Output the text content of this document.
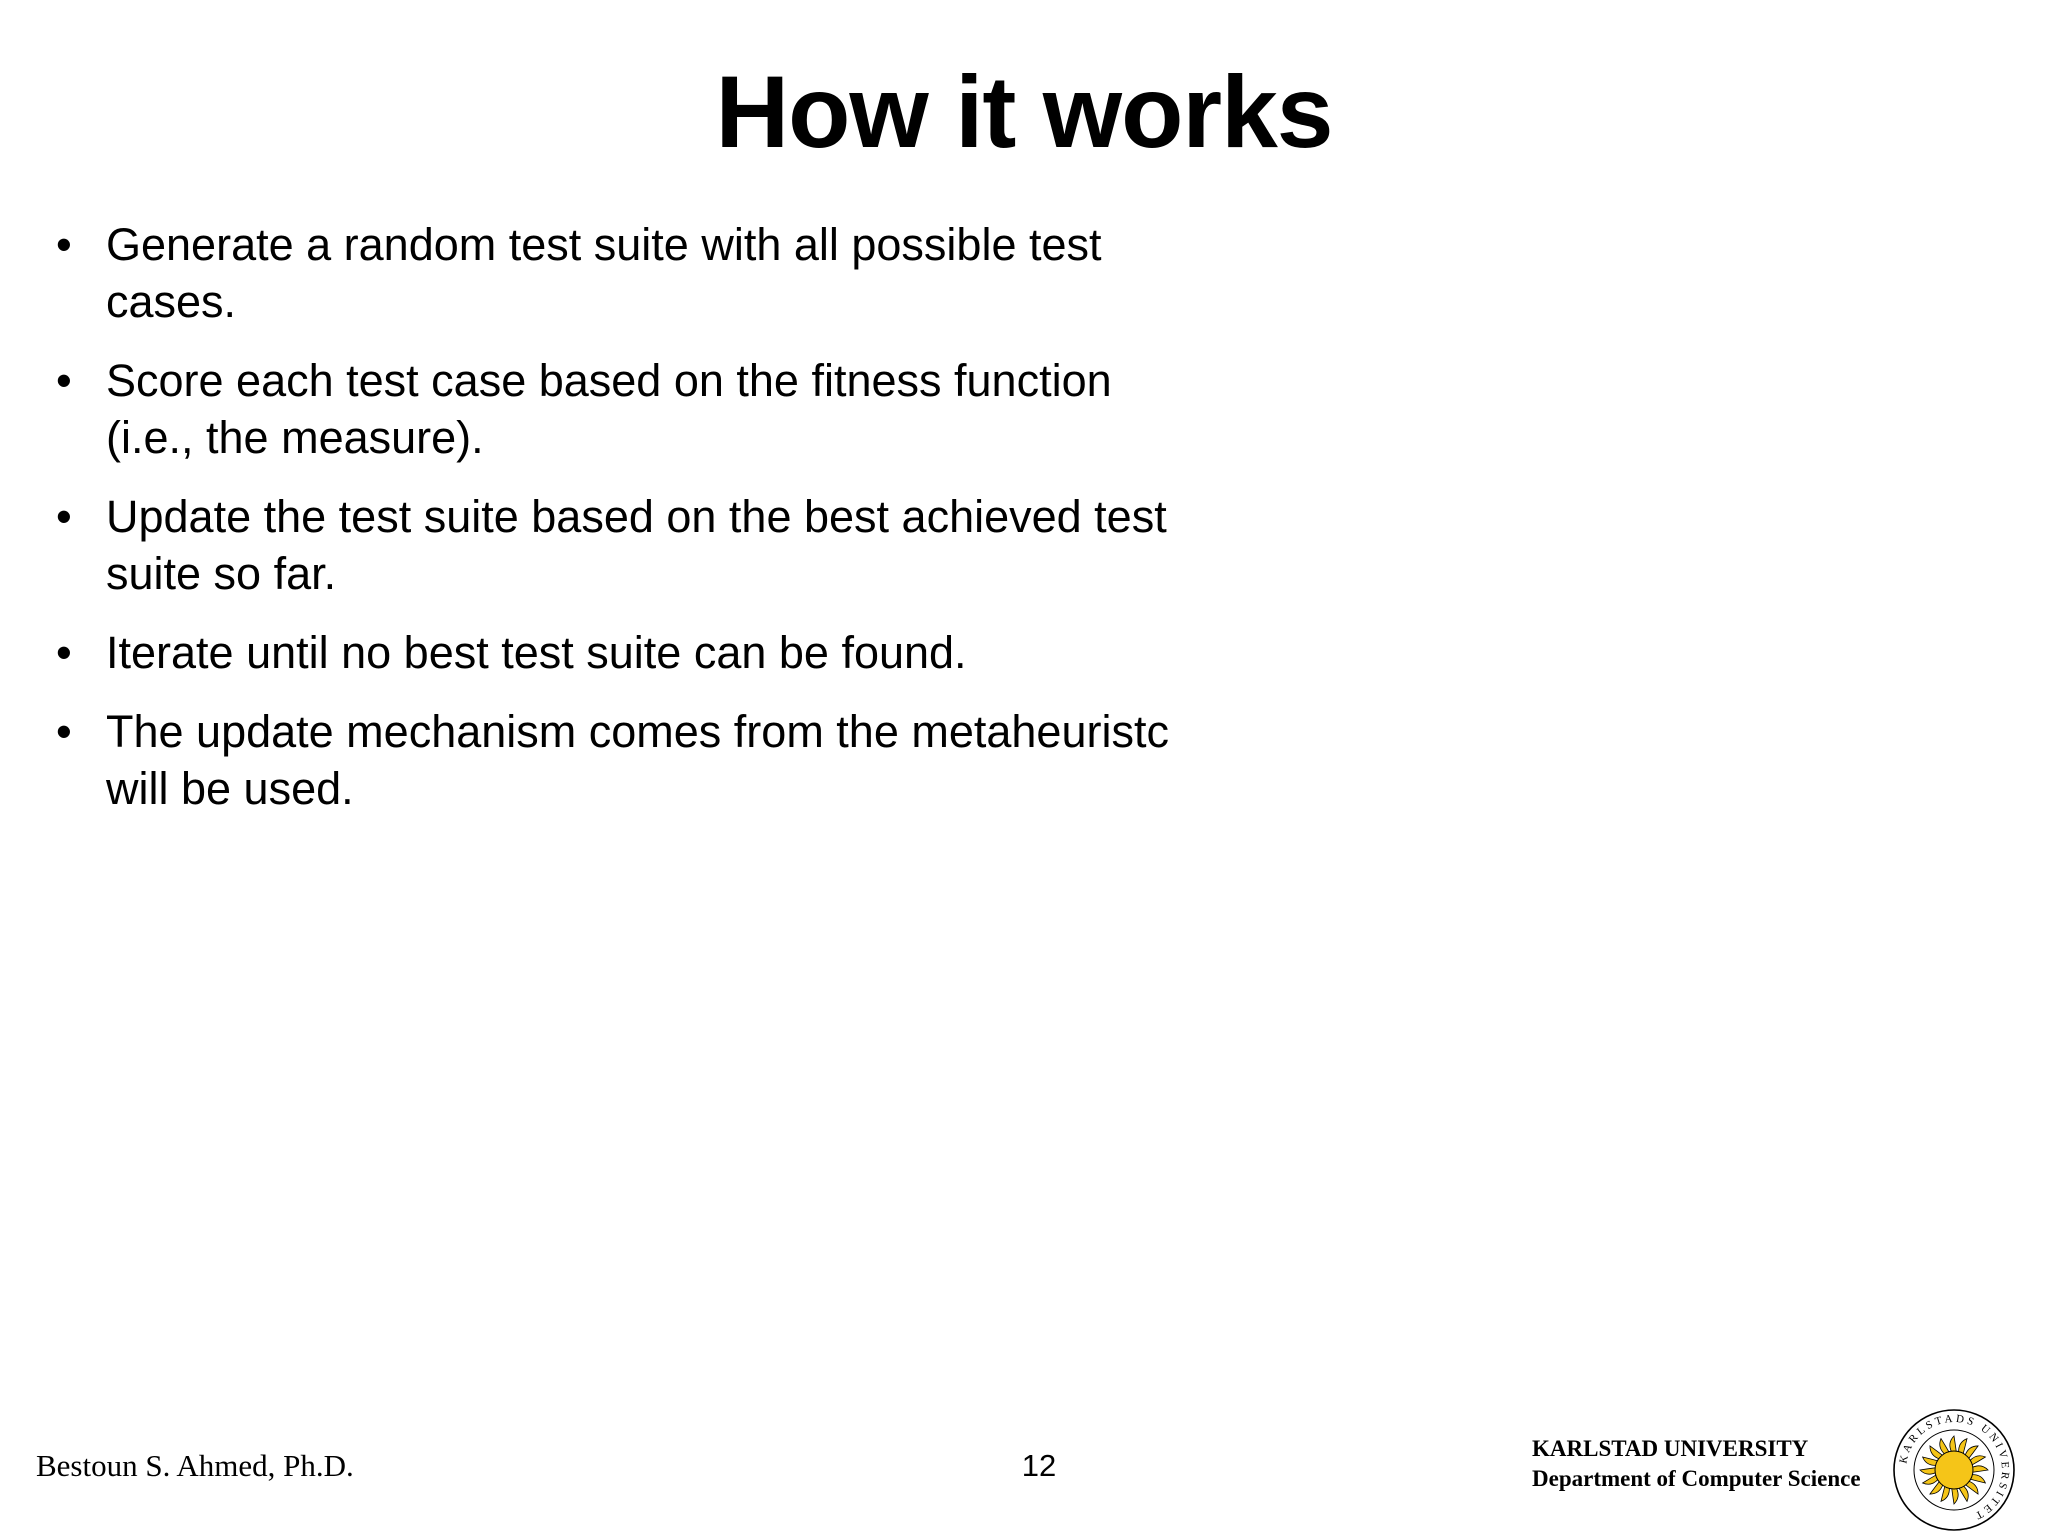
How it works
• Generate a random test suite with all possible test
cases.
• Score each test case based on the fitness function
(i.e., the measure).
• Update the test suite based on the best achieved test
suite so far.
• Iterate until no best test suite can be found.
• The update mechanism comes from the metaheuristc
will be used.
Bestoun S. Ahmed, Ph.D.	12	KARLSTAD UNIVERSITY
Department of Computer Science
KARLSTADS UNIVERSITET
